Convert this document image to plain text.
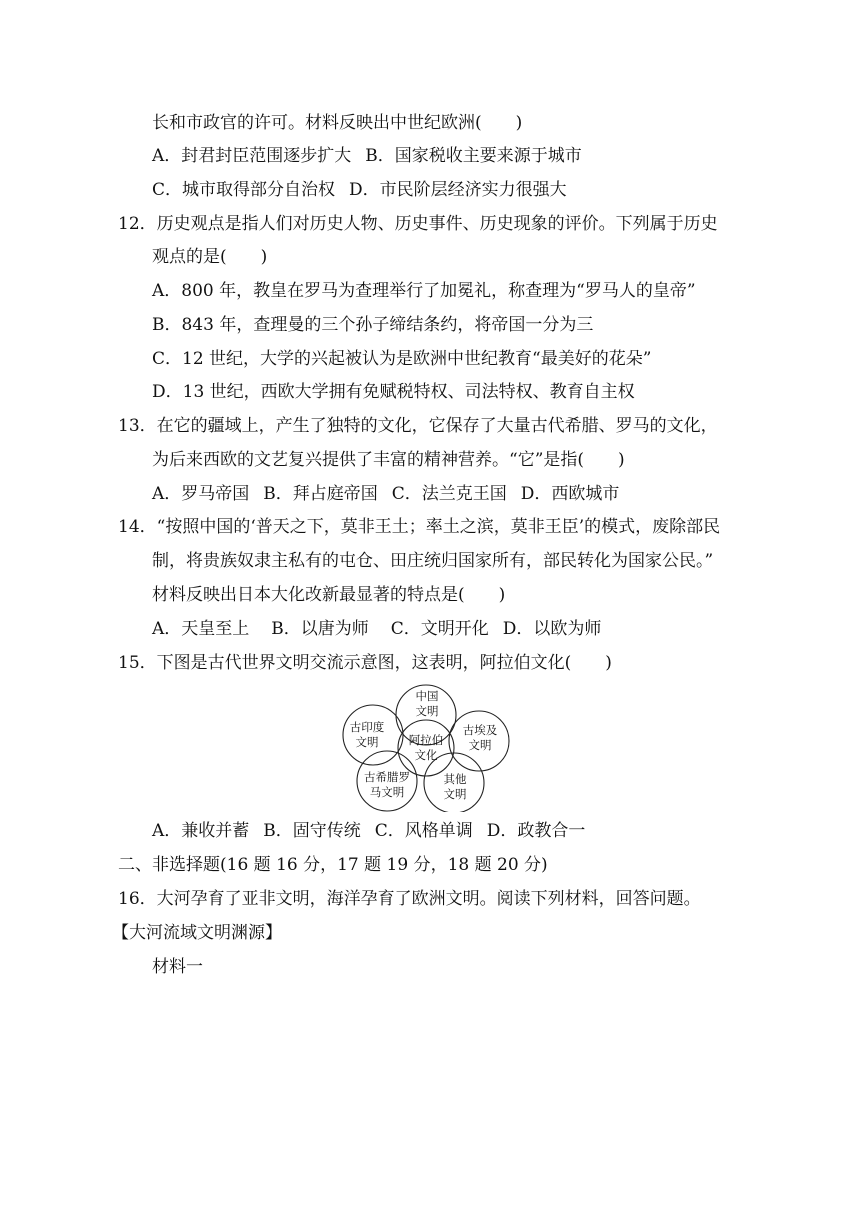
长和市政官的许可。材料反映出中世纪欧洲(　　)
A．封君封臣范围逐步扩大 B．国家税收主要来源于城市
C．城市取得部分自治权 D．市民阶层经济实力很强大
12．历史观点是指人们对历史人物、历史事件、历史现象的评价。下列属于历史
观点的是(　　)
A．800 年，教皇在罗马为查理举行了加冕礼，称查理为“罗马人的皇帝”
B．843 年，查理曼的三个孙子缔结条约，将帝国一分为三
C．12 世纪，大学的兴起被认为是欧洲中世纪教育“最美好的花朵”
D．13 世纪，西欧大学拥有免赋税特权、司法特权、教育自主权
13．在它的疆域上，产生了独特的文化，它保存了大量古代希腊、罗马的文化，
为后来西欧的文艺复兴提供了丰富的精神营养。“它”是指(　　)
A．罗马帝国 B．拜占庭帝国 C．法兰克王国 D．西欧城市
14．“按照中国的‘普天之下，莫非王土；率土之滨，莫非王臣’的模式，废除部民
制，将贵族奴隶主私有的屯仓、田庄统归国家所有，部民转化为国家公民。”
材料反映出日本大化改新最显著的特点是(　　)
A．天皇至上 B．以唐为师 C．文明开化 D．以欧为师
15．下图是古代世界文明交流示意图，这表明，阿拉伯文化(　　)
中国
文明
古印度
文明
古埃及
文明
阿拉伯
文化
古希腊罗
马文明
其他
文明
A．兼收并蓄 B．固守传统 C．风格单调 D．政教合一
二、非选择题(16 题 16 分，17 题 19 分，18 题 20 分)
16．大河孕育了亚非文明，海洋孕育了欧洲文明。阅读下列材料，回答问题。
【大河流域文明渊源】
材料一
